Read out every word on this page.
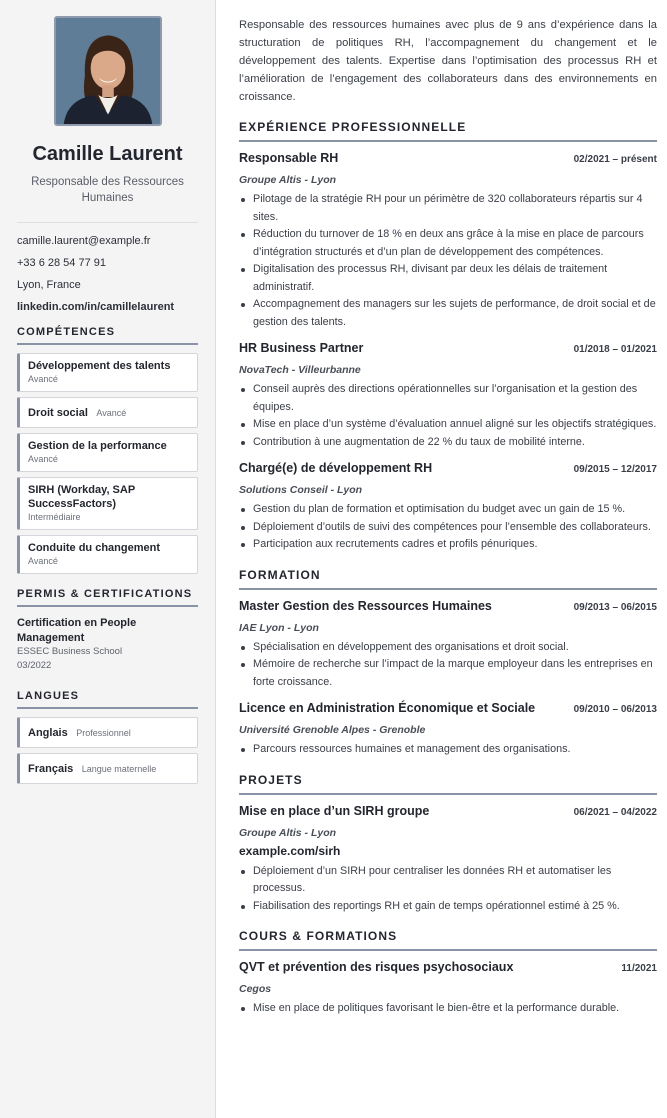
Camille Laurent
Responsable des Ressources Humaines
camille.laurent@example.fr
+33 6 28 54 77 91
Lyon, France
linkedin.com/in/camillelaurent
COMPÉTENCES
Développement des talents
Avancé
Droit social Avancé
Gestion de la performance
Avancé
SIRH (Workday, SAP SuccessFactors)
Intermédiaire
Conduite du changement
Avancé
PERMIS & CERTIFICATIONS
Certification en People Management
ESSEC Business School
03/2022
LANGUES
Anglais Professionnel
Français Langue maternelle

Responsable des ressources humaines avec plus de 9 ans d’expérience dans la structuration de politiques RH, l’accompagnement du changement et le développement des talents. Expertise dans l’optimisation des processus RH et l’amélioration de l’engagement des collaborateurs dans des environnements en croissance.

EXPÉRIENCE PROFESSIONNELLE
Responsable RH	02/2021 – présent
Groupe Altis - Lyon
Pilotage de la stratégie RH pour un périmètre de 320 collaborateurs répartis sur 4 sites.
Réduction du turnover de 18 % en deux ans grâce à la mise en place de parcours d’intégration structurés et d’un plan de développement des compétences.
Digitalisation des processus RH, divisant par deux les délais de traitement administratif.
Accompagnement des managers sur les sujets de performance, de droit social et de gestion des talents.
HR Business Partner	01/2018 – 01/2021
NovaTech - Villeurbanne
Conseil auprès des directions opérationnelles sur l’organisation et la gestion des équipes.
Mise en place d’un système d’évaluation annuel aligné sur les objectifs stratégiques.
Contribution à une augmentation de 22 % du taux de mobilité interne.
Chargé(e) de développement RH	09/2015 – 12/2017
Solutions Conseil - Lyon
Gestion du plan de formation et optimisation du budget avec un gain de 15 %.
Déploiement d’outils de suivi des compétences pour l’ensemble des collaborateurs.
Participation aux recrutements cadres et profils pénuriques.
FORMATION
Master Gestion des Ressources Humaines	09/2013 – 06/2015
IAE Lyon - Lyon
Spécialisation en développement des organisations et droit social.
Mémoire de recherche sur l’impact de la marque employeur dans les entreprises en forte croissance.
Licence en Administration Économique et Sociale	09/2010 – 06/2013
Université Grenoble Alpes - Grenoble
Parcours ressources humaines et management des organisations.
PROJETS
Mise en place d’un SIRH groupe	06/2021 – 04/2022
Groupe Altis - Lyon
example.com/sirh
Déploiement d’un SIRH pour centraliser les données RH et automatiser les processus.
Fiabilisation des reportings RH et gain de temps opérationnel estimé à 25 %.
COURS & FORMATIONS
QVT et prévention des risques psychosociaux	11/2021
Cegos
Mise en place de politiques favorisant le bien-être et la performance durable.
